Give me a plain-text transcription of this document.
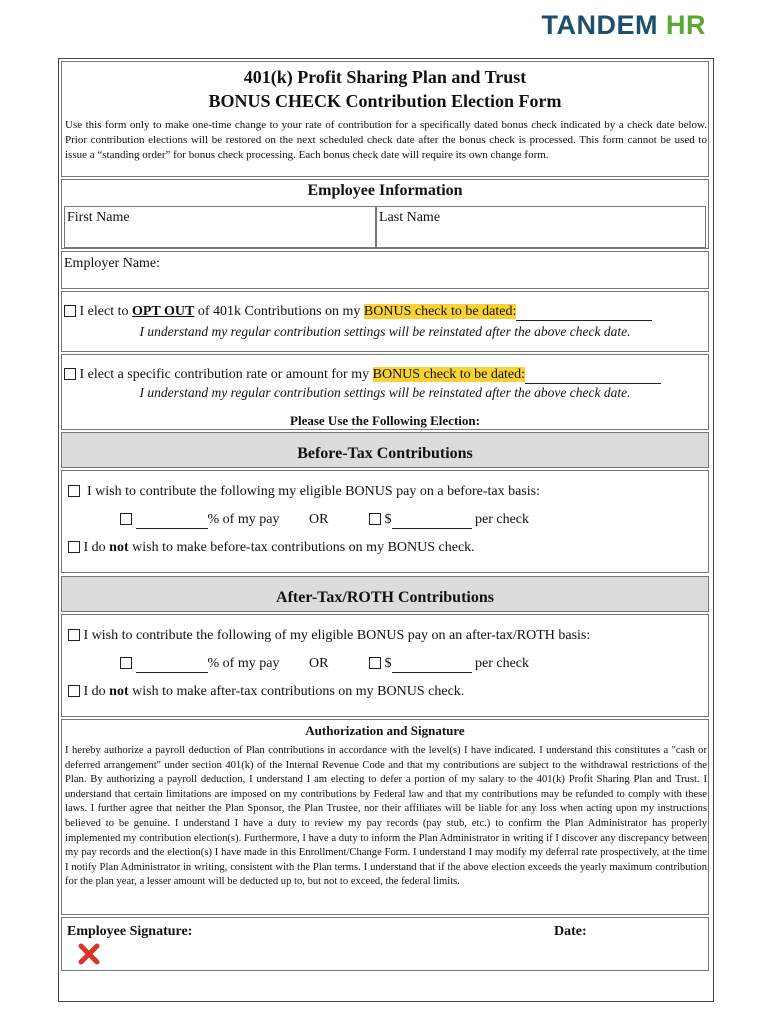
TANDEM HR
401(k) Profit Sharing Plan and Trust
BONUS CHECK Contribution Election Form
Use this form only to make one-time change to your rate of contribution for a specifically dated bonus check indicated by a check date below. Prior contribution elections will be restored on the next scheduled check date after the bonus check is processed. This form cannot be used to issue a “standing order” for bonus check processing. Each bonus check date will require its own change form.
Employee Information
First Name	Last Name
Employer Name:
I elect to OPT OUT of 401k Contributions on my BONUS check to be dated:
I understand my regular contribution settings will be reinstated after the above check date.
I elect a specific contribution rate or amount for my BONUS check to be dated:
I understand my regular contribution settings will be reinstated after the above check date.
Please Use the Following Election:
Before-Tax Contributions
I wish to contribute the following my eligible BONUS pay on a before-tax basis:
% of my pay OR	$	per check
I do not wish to make before-tax contributions on my BONUS check.
After-Tax/ROTH Contributions
I wish to contribute the following of my eligible BONUS pay on an after-tax/ROTH basis:
% of my pay OR	$	per check
I do not wish to make after-tax contributions on my BONUS check.
Authorization and Signature
I hereby authorize a payroll deduction of Plan contributions in accordance with the level(s) I have indicated. I understand this constitutes a "cash or deferred arrangement" under section 401(k) of the Internal Revenue Code and that my contributions are subject to the withdrawal restrictions of the Plan. By authorizing a payroll deduction, I understand I am electing to defer a portion of my salary to the 401(k) Profit Sharing Plan and Trust. I understand that certain limitations are imposed on my contributions by Federal law and that my contributions may be refunded to comply with these laws. I further agree that neither the Plan Sponsor, the Plan Trustee, nor their affiliates will be liable for any loss when acting upon my instructions believed to be genuine. I understand I have a duty to review my pay records (pay stub, etc.) to confirm the Plan Administrator has properly implemented my contribution election(s). Furthermore, I have a duty to inform the Plan Administrator in writing if I discover any discrepancy between my pay records and the election(s) I have made in this Enrollment/Change Form. I understand I may modify my deferral rate prospectively, at the time I notify Plan Administrator in writing, consistent with the Plan terms. I understand that if the above election exceeds the yearly maximum contribution for the plan year, a lesser amount will be deducted up to, but not to exceed, the federal limits.
Employee Signature:	Date:
